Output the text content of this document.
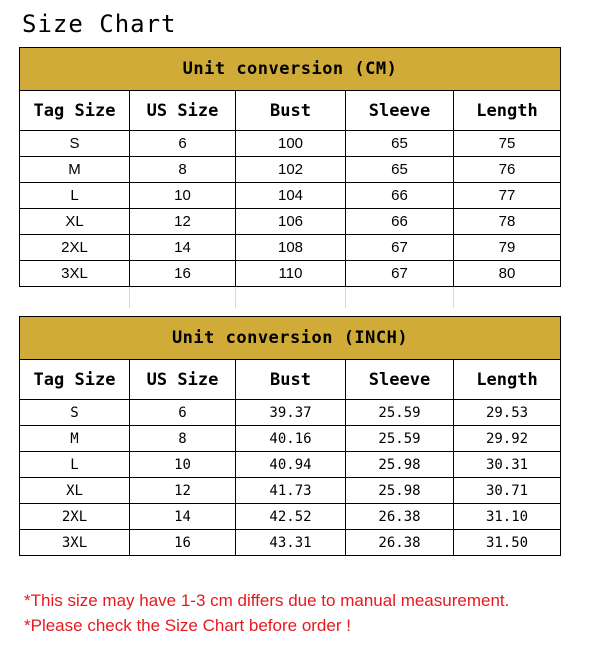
Size Chart
Unit conversion (CM)				
Tag Size	US Size	Bust	Sleeve	Length
S	6	100	65	75
M	8	102	65	76
L	10	104	66	77
XL	12	106	66	78
2XL	14	108	67	79
3XL	16	110	67	80

Unit conversion (INCH)				
Tag Size	US Size	Bust	Sleeve	Length
S	6	39.37	25.59	29.53
M	8	40.16	25.59	29.92
L	10	40.94	25.98	30.31
XL	12	41.73	25.98	30.71
2XL	14	42.52	26.38	31.10
3XL	16	43.31	26.38	31.50
*This size may have 1-3 cm differs due to manual measurement.
*Please check the Size Chart before order !
